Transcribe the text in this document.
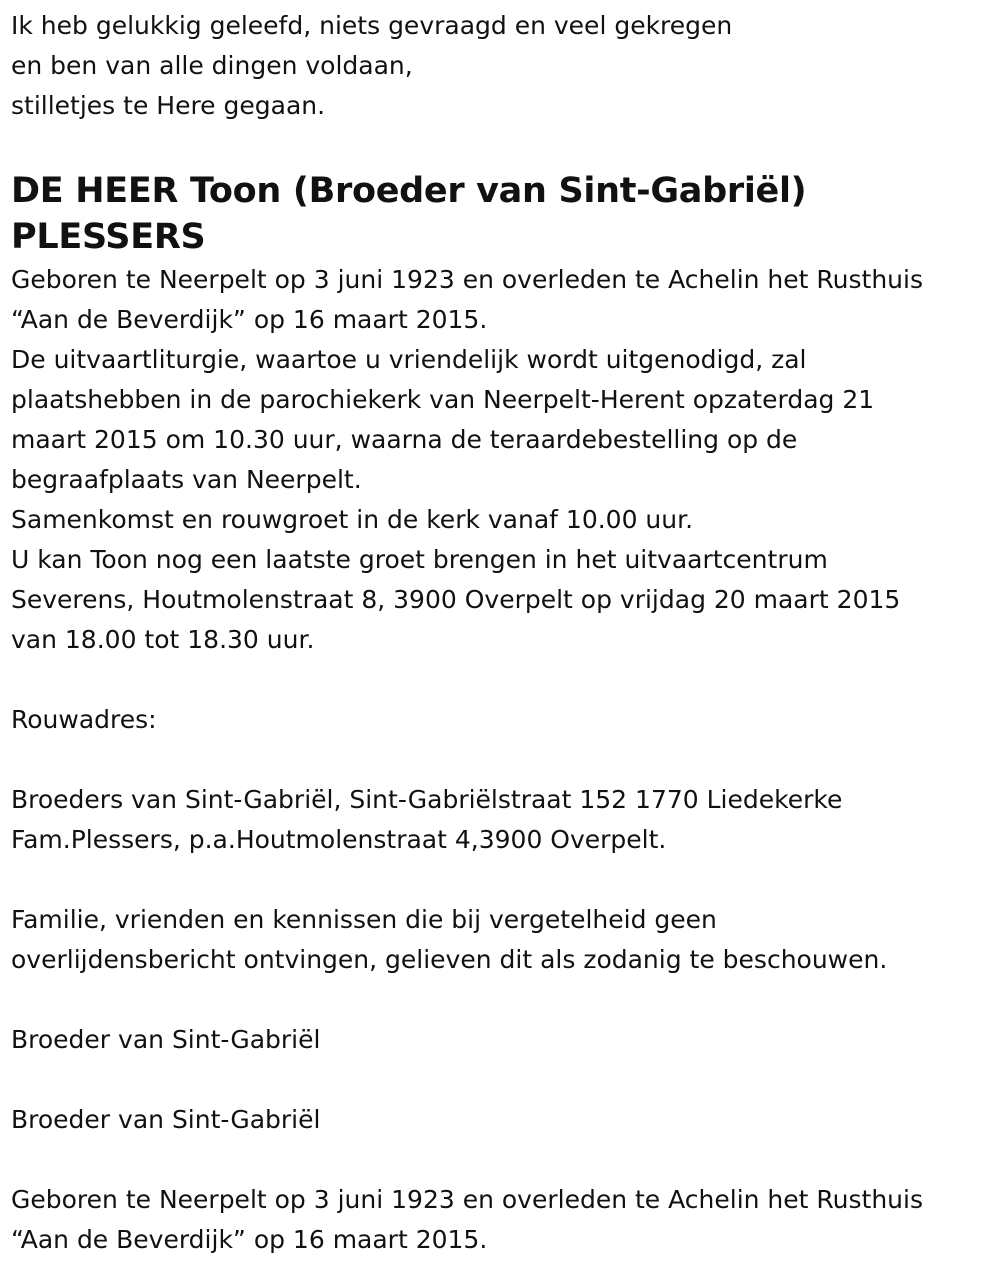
Ik heb gelukkig geleefd, niets gevraagd en veel gekregen
en ben van alle dingen voldaan,
stilletjes te Here gegaan.
DE HEER Toon (Broeder van Sint-Gabriël)
PLESSERS
Geboren te Neerpelt op 3 juni 1923 en overleden te Achelin het Rusthuis
“Aan de Beverdijk” op 16 maart 2015.
De uitvaartliturgie, waartoe u vriendelijk wordt uitgenodigd, zal
plaatshebben in de parochiekerk van Neerpelt-Herent opzaterdag 21
maart 2015 om 10.30 uur, waarna de teraardebestelling op de
begraafplaats van Neerpelt.
Samenkomst en rouwgroet in de kerk vanaf 10.00 uur.
U kan Toon nog een laatste groet brengen in het uitvaartcentrum
Severens, Houtmolenstraat 8, 3900 Overpelt op vrijdag 20 maart 2015
van 18.00 tot 18.30 uur.
Rouwadres:
Broeders van Sint-Gabriël, Sint-Gabriëlstraat 152 1770 Liedekerke
Fam.Plessers, p.a.Houtmolenstraat 4,3900 Overpelt.
Familie, vrienden en kennissen die bij vergetelheid geen
overlijdensbericht ontvingen, gelieven dit als zodanig te beschouwen.
Broeder van Sint-Gabriël
Broeder van Sint-Gabriël
Geboren te Neerpelt op 3 juni 1923 en overleden te Achelin het Rusthuis
“Aan de Beverdijk” op 16 maart 2015.
